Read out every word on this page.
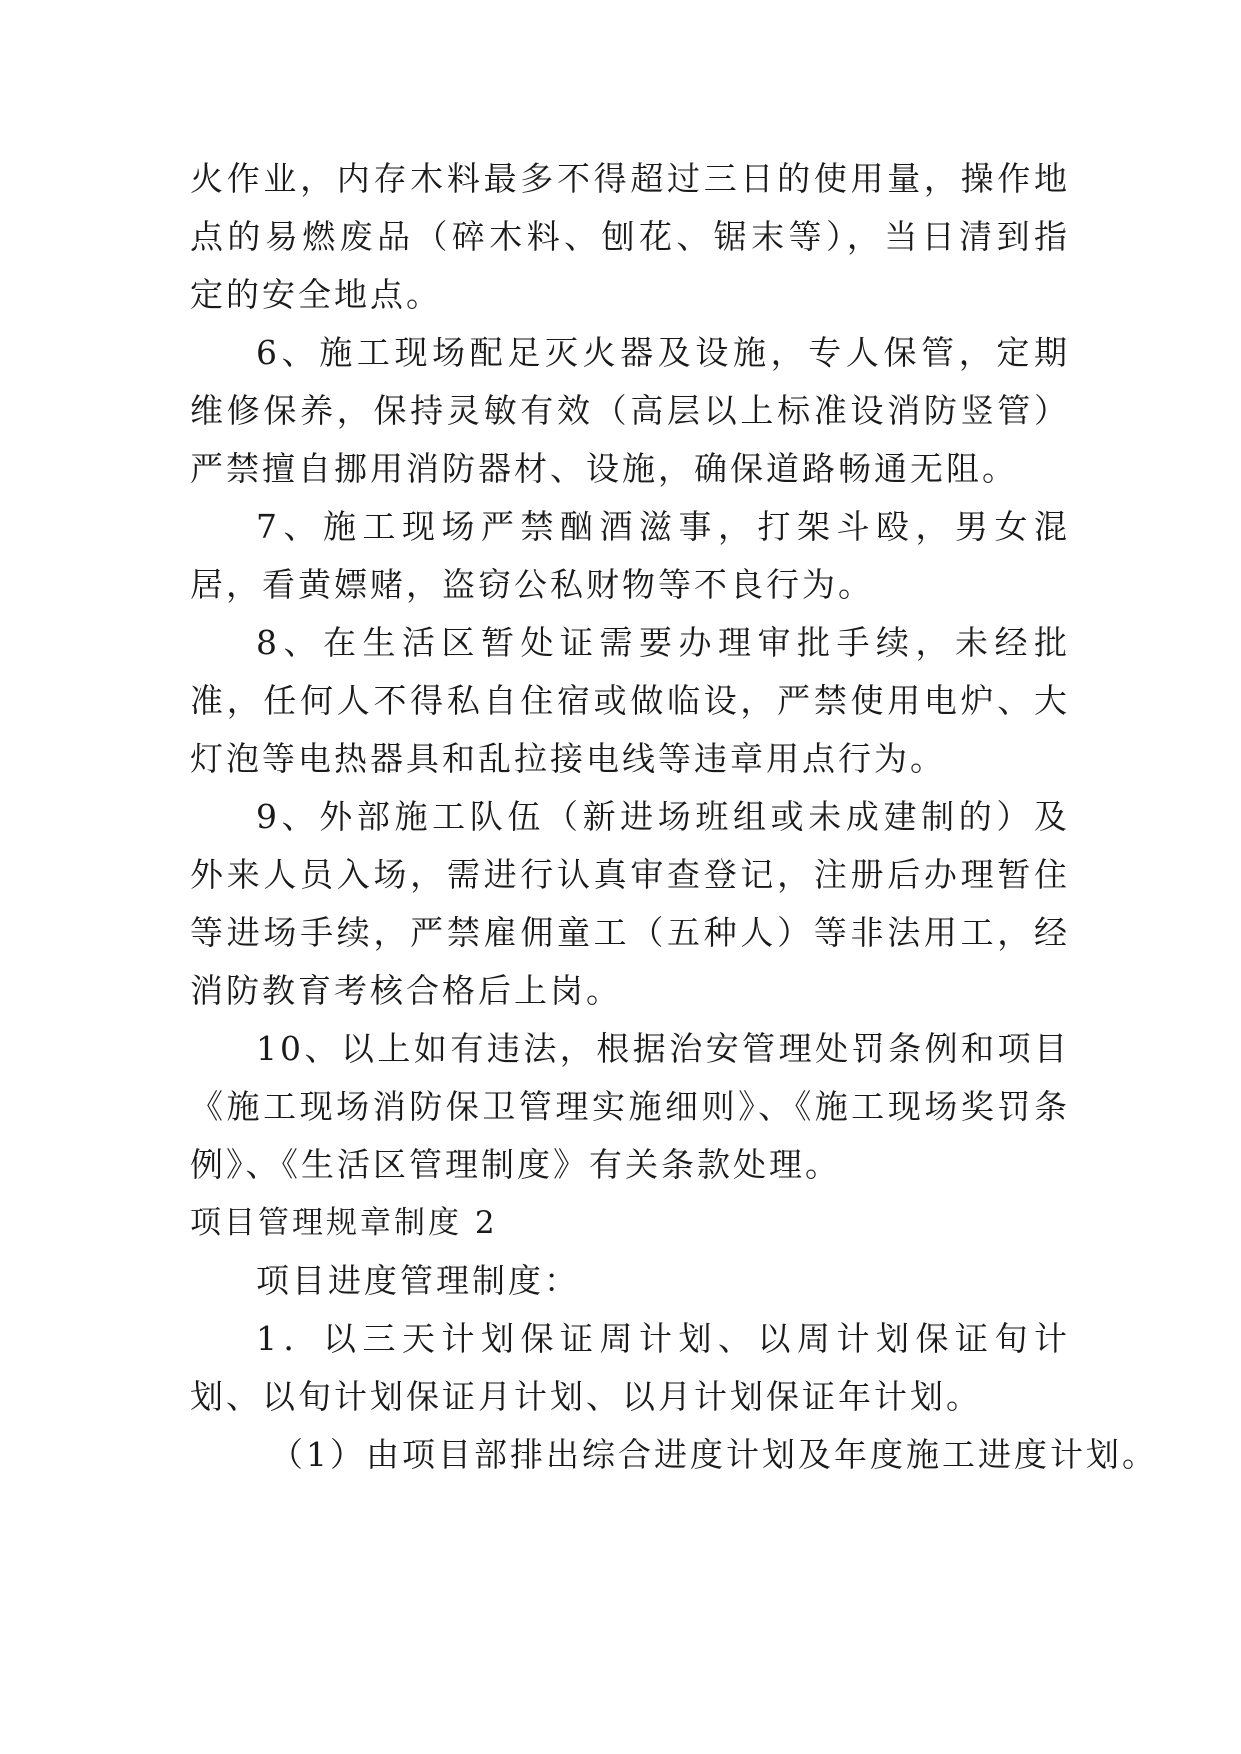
火作业，内存木料最多不得超过三日的使用量，操作地点的易燃废品（碎木料、刨花、锯末等），当日清到指定的安全地点。

6、施工现场配足灭火器及设施，专人保管，定期维修保养，保持灵敏有效（高层以上标准设消防竖管）严禁擅自挪用消防器材、设施，确保道路畅通无阻。

7、施工现场严禁酗酒滋事，打架斗殴，男女混居，看黄嫖赌，盗窃公私财物等不良行为。

8、在生活区暂处证需要办理审批手续，未经批准，任何人不得私自住宿或做临设，严禁使用电炉、大灯泡等电热器具和乱拉接电线等违章用点行为。

9、外部施工队伍（新进场班组或未成建制的）及外来人员入场，需进行认真审查登记，注册后办理暂住等进场手续，严禁雇佣童工（五种人）等非法用工，经消防教育考核合格后上岗。

10、以上如有违法，根据治安管理处罚条例和项目《施工现场消防保卫管理实施细则》、《施工现场奖罚条例》、《生活区管理制度》有关条款处理。

项目管理规章制度 2

项目进度管理制度：

1．以三天计划保证周计划、以周计划保证旬计划、以旬计划保证月计划、以月计划保证年计划。

（1）由项目部排出综合进度计划及年度施工进度计划。
